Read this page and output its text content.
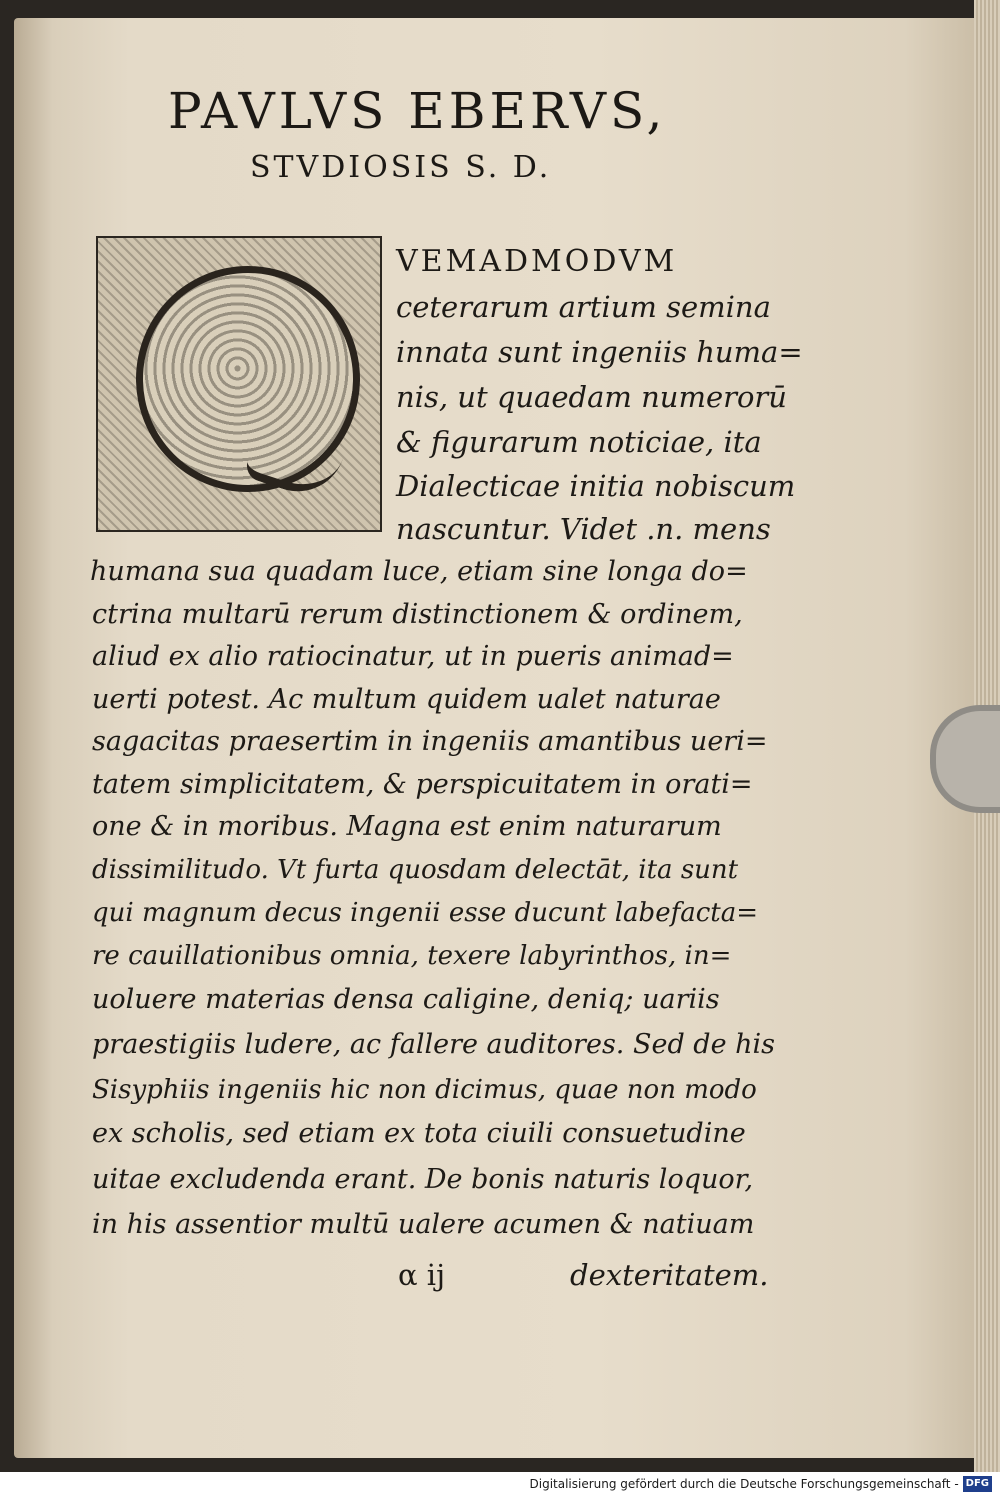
PAVLVS EBERVS,
STVDIOSIS S. D.
VEMADMODVM
ceterarum artium semina
innata sunt ingeniis huma=
nis, ut quaedam numerorū
& figurarum noticiae, ita
Dialecticae initia nobiscum
nascuntur. Videt .n. mens
humana sua quadam luce, etiam sine longa do=
ctrina multarū rerum distinctionem & ordinem,
aliud ex alio ratiocinatur, ut in pueris animad=
uerti potest. Ac multum quidem ualet naturae
sagacitas praesertim in ingeniis amantibus ueri=
tatem simplicitatem, & perspicuitatem in orati=
one & in moribus. Magna est enim naturarum
dissimilitudo. Vt furta quosdam delectāt, ita sunt
qui magnum decus ingenii esse ducunt labefacta=
re cauillationibus omnia, texere labyrinthos, in=
uoluere materias densa caligine, deniq; uariis
praestigiis ludere, ac fallere auditores. Sed de his
Sisyphiis ingeniis hic non dicimus, quae non modo
ex scholis, sed etiam ex tota ciuili consuetudine
uitae excludenda erant. De bonis naturis loquor,
in his assentior multū ualere acumen & natiuam
α ij	dexteritatem.
Digitalisierung gefördert durch die Deutsche Forschungsgemeinschaft - DFG
